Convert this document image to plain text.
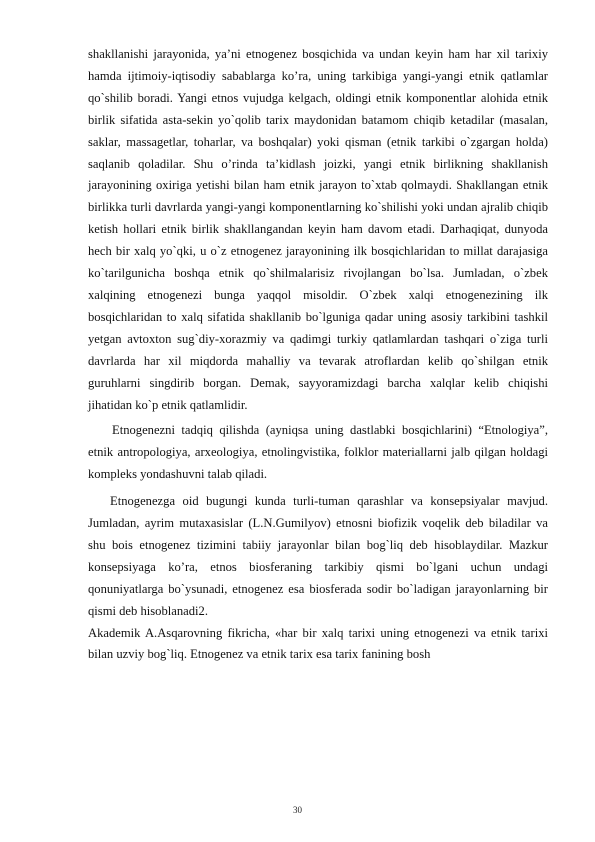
shakllanishi jarayonida, ya’ni etnogenez bosqichida va undan keyin ham har xil tarixiy hamda ijtimoiy-iqtisodiy sabablarga ko’ra, uning tarkibiga yangi-yangi etnik qatlamlar qo`shilib boradi. Yangi etnos vujudga kelgach, oldingi etnik komponentlar alohida etnik birlik sifatida asta-sekin yo`qolib tarix maydonidan batamom chiqib ketadilar (masalan, saklar, massagetlar, toharlar, va boshqalar) yoki qisman (etnik tarkibi o`zgargan holda) saqlanib qoladilar. Shu o’rinda ta’kidlash joizki, yangi etnik birlikning shakllanish jarayonining oxiriga yetishi bilan ham etnik jarayon to`xtab qolmaydi. Shakllangan etnik birlikka turli davrlarda yangi-yangi komponentlarning ko`shilishi yoki undan ajralib chiqib ketish hollari etnik birlik shakllangandan keyin ham davom etadi. Darhaqiqat, dunyoda hech bir xalq yo`qki, u o`z etnogenez jarayonining ilk bosqichlaridan to millat darajasiga ko`tarilgunicha boshqa etnik qo`shilmalarisiz rivojlangan bo`lsa. Jumladan, o`zbek xalqining etnogenezi bunga yaqqol misoldir. O`zbek xalqi etnogenezining ilk bosqichlaridan to xalq sifatida shakllanib bo`lguniga qadar uning asosiy tarkibini tashkil yetgan avtoxton sug`diy-xorazmiy va qadimgi turkiy qatlamlardan tashqari o`ziga turli davrlarda har xil miqdorda mahalliy va tevarak atroflardan kelib qo`shilgan etnik guruhlarni singdirib borgan. Demak, sayyoramizdagi barcha xalqlar kelib chiqishi jihatidan ko`p etnik qatlamlidir.

Etnogenezni tadqiq qilishda (ayniqsa uning dastlabki bosqichlarini) “Etnologiya”, etnik antropologiya, arxeologiya, etnolingvistika, folklor materiallarni jalb qilgan holdagi kompleks yondashuvni talab qiladi.

Etnogenezga oid bugungi kunda turli-tuman qarashlar va konsepsiyalar mavjud. Jumladan, ayrim mutaxasislar (L.N.Gumilyov) etnosni biofizik voqelik deb biladilar va shu bois etnogenez tizimini tabiiy jarayonlar bilan bog`liq deb hisoblaydilar. Mazkur konsepsiyaga ko’ra, etnos biosferaning tarkibiy qismi bo`lgani uchun undagi qonuniyatlarga bo`ysunadi, etnogenez esa biosferada sodir bo`ladigan jarayonlarning bir qismi deb hisoblanadi2.

Akademik A.Asqarovning fikricha, «har bir xalq tarixi uning etnogenezi va etnik tarixi bilan uzviy bog`liq. Etnogenez va etnik tarix esa tarix fanining bosh

30
